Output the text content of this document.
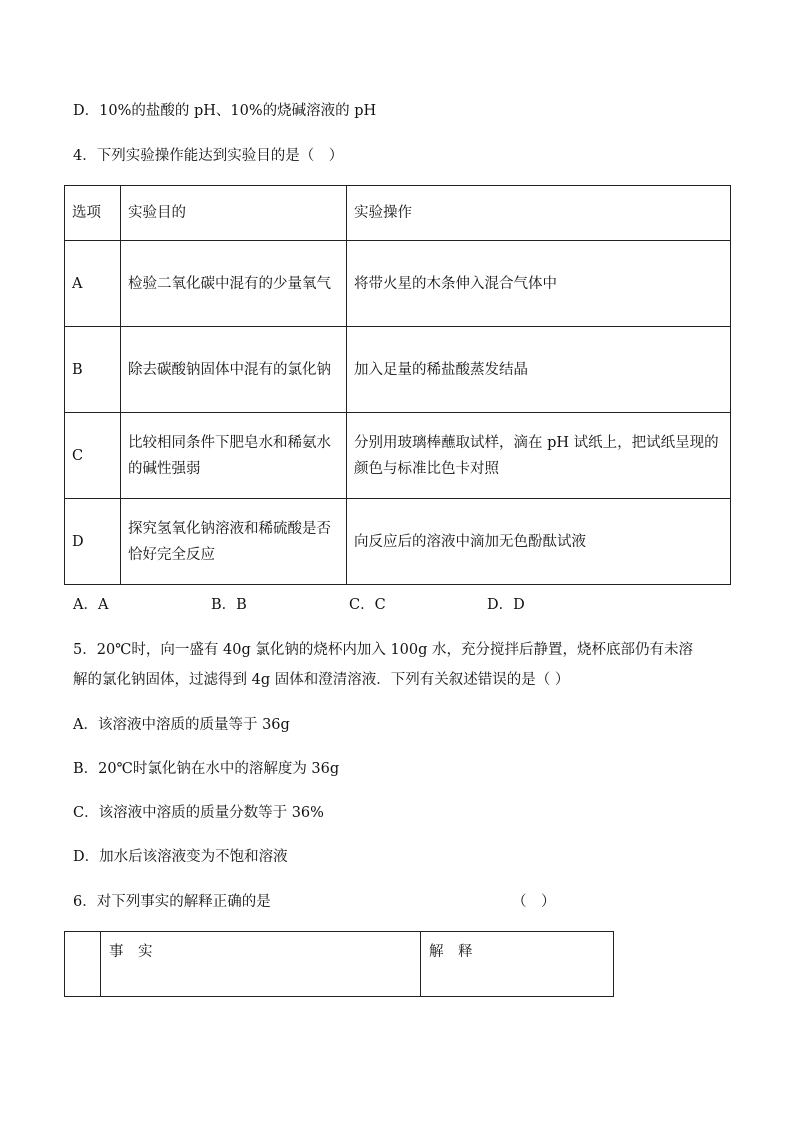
D．10%的盐酸的 pH、10%的烧碱溶液的 pH
4．下列实验操作能达到实验目的是（　）
选项	实验目的	实验操作
A	检验二氧化碳中混有的少量氧气	将带火星的木条伸入混合气体中
B	除去碳酸钠固体中混有的氯化钠	加入足量的稀盐酸蒸发结晶
C	比较相同条件下肥皂水和稀氨水的碱性强弱	分别用玻璃棒蘸取试样，滴在 pH 试纸上，把试纸呈现的颜色与标准比色卡对照
D	探究氢氧化钠溶液和稀硫酸是否恰好完全反应	向反应后的溶液中滴加无色酚酞试液
A．A	B．B	C．C	D．D
5．20℃时，向一盛有 40g 氯化钠的烧杯内加入 100g 水，充分搅拌后静置，烧杯底部仍有未溶
解的氯化钠固体，过滤得到 4g 固体和澄清溶液．下列有关叙述错误的是（ ）
A．该溶液中溶质的质量等于 36g
B．20℃时氯化钠在水中的溶解度为 36g
C．该溶液中溶质的质量分数等于 36%
D．加水后该溶液变为不饱和溶液
6．对下列事实的解释正确的是	（　）
	事　实	解　释
